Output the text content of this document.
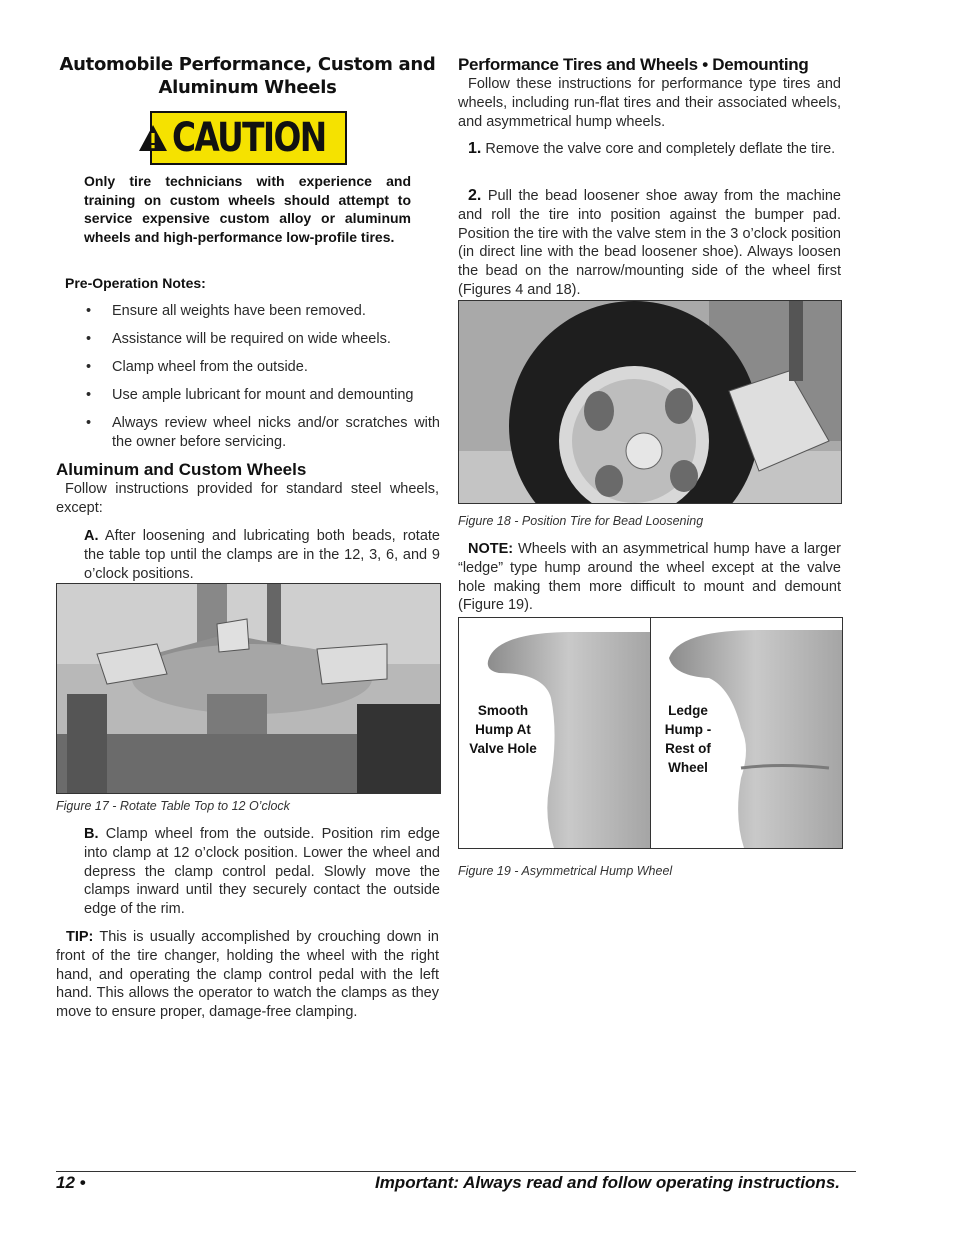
Automobile Performance, Custom and Aluminum Wheels
CAUTION
Only tire technicians with experience and training on custom wheels should attempt to service expensive custom alloy or aluminum wheels and high-performance low-profile tires.
Pre-Operation Notes:
• Ensure all weights have been removed.
• Assistance will be required on wide wheels.
• Clamp wheel from the outside.
• Use ample lubricant for mount and demounting
• Always review wheel nicks and/or scratches with the owner before servicing.
Aluminum and Custom Wheels
Follow instructions provided for standard steel wheels, except:
A. After loosening and lubricating both beads, rotate the table top until the clamps are in the 12, 3, 6, and 9 o’clock positions.
Figure 17 - Rotate Table Top to 12 O’clock
B. Clamp wheel from the outside. Position rim edge into clamp at 12 o’clock position. Lower the wheel and depress the clamp control pedal. Slowly move the clamps inward until they securely contact the outside edge of the rim.
TIP: This is usually accomplished by crouching down in front of the tire changer, holding the wheel with the right hand, and operating the clamp control pedal with the left hand. This allows the operator to watch the clamps as they move to ensure proper, damage-free clamping.
Performance Tires and Wheels • Demounting
Follow these instructions for performance type tires and wheels, including run-flat tires and their associated wheels, and asymmetrical hump wheels.
1. Remove the valve core and completely deflate the tire.
2. Pull the bead loosener shoe away from the machine and roll the tire into position against the bumper pad. Position the tire with the valve stem in the 3 o’clock position (in direct line with the bead loosener shoe). Always loosen the bead on the narrow/mounting side of the wheel first (Figures 4 and 18).
Figure 18 - Position Tire for Bead Loosening
NOTE: Wheels with an asymmetrical hump have a larger “ledge” type hump around the wheel except at the valve hole making them more difficult to mount and demount (Figure 19).
Smooth Hump At Valve Hole
Ledge Hump - Rest of Wheel
Figure 19 - Asymmetrical Hump Wheel
12 •	Important: Always read and follow operating instructions.
